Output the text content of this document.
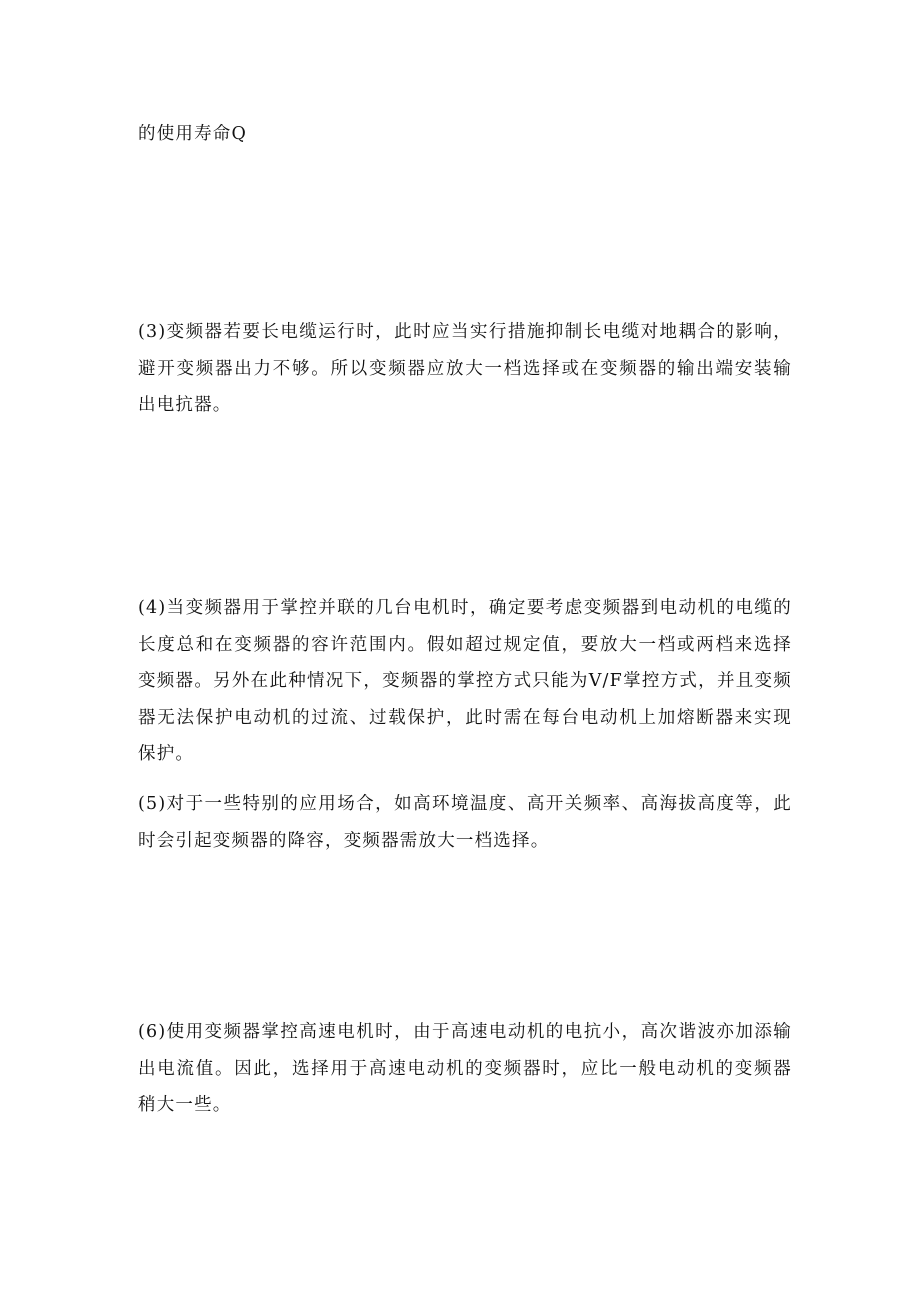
的使用寿命Q

(3)变频器若要长电缆运行时，此时应当实行措施抑制长电缆对地耦合的影响，避开变频器出力不够。所以变频器应放大一档选择或在变频器的输出端安装输出电抗器。

(4)当变频器用于掌控并联的几台电机时，确定要考虑变频器到电动机的电缆的长度总和在变频器的容许范围内。假如超过规定值，要放大一档或两档来选择变频器。另外在此种情况下，变频器的掌控方式只能为V/F掌控方式，并且变频器无法保护电动机的过流、过载保护，此时需在每台电动机上加熔断器来实现保护。

(5)对于一些特别的应用场合，如高环境温度、高开关频率、高海拔高度等，此时会引起变频器的降容，变频器需放大一档选择。

(6)使用变频器掌控高速电机时，由于高速电动机的电抗小，高次谐波亦加添输出电流值。因此，选择用于高速电动机的变频器时，应比一般电动机的变频器稍大一些。
